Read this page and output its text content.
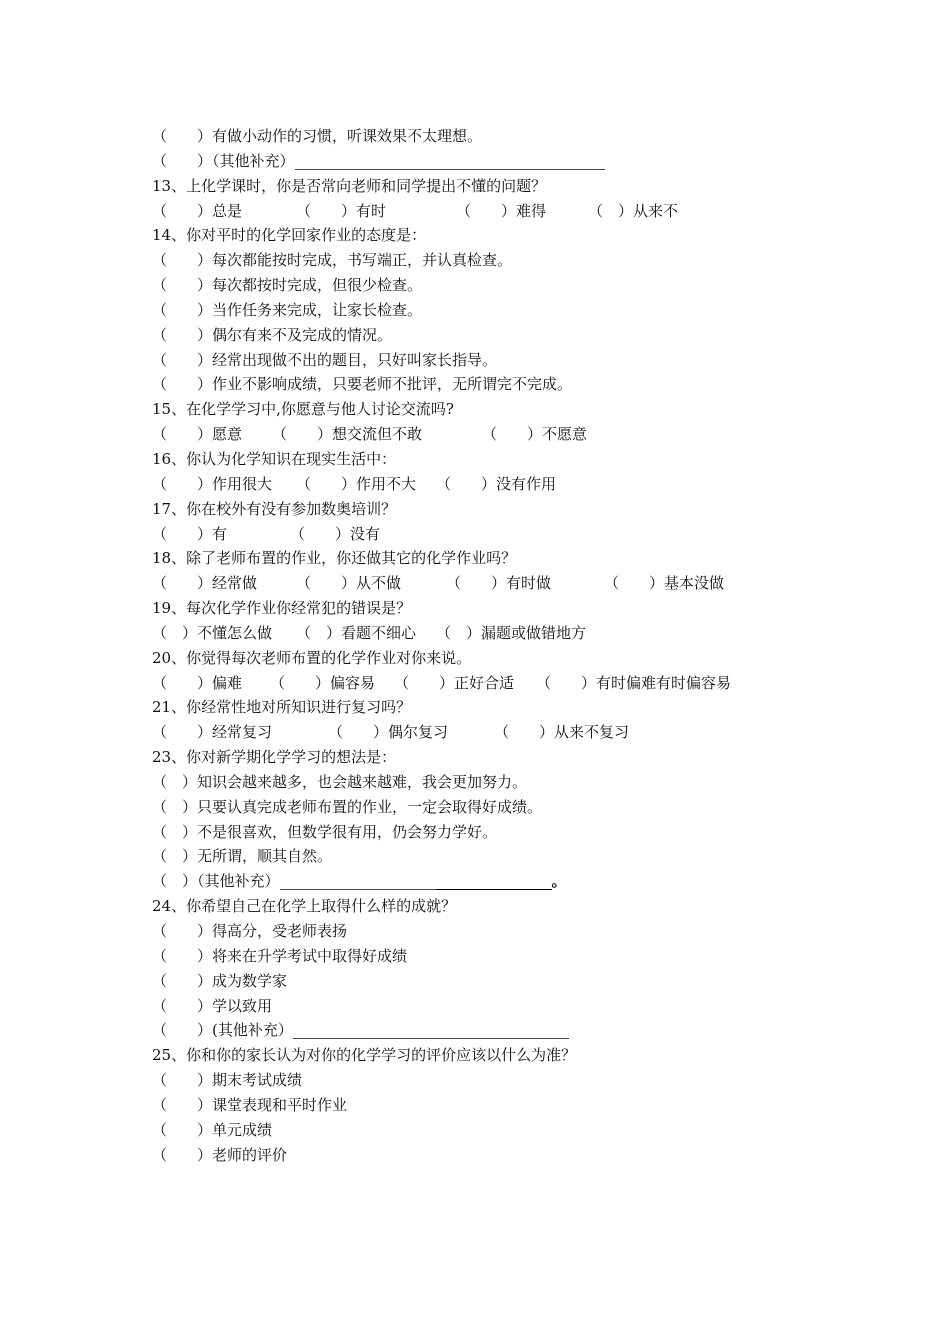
（　　）有做小动作的习惯，听课效果不太理想。
（　　）（其他补充）
13、上化学课时，你是否常向老师和同学提出不懂的问题？
（　　）总是	（　　）有时	（　　）难得	（　）从来不
14、你对平时的化学回家作业的态度是：
（　　）每次都能按时完成，书写端正，并认真检查。
（　　）每次都按时完成，但很少检查。
（　　）当作任务来完成，让家长检查。
（　　）偶尔有来不及完成的情况。
（　　）经常出现做不出的题目，只好叫家长指导。
（　　）作业不影响成绩，只要老师不批评，无所谓完不完成。
15、在化学学习中,你愿意与他人讨论交流吗?
（　　）愿意	（　　）想交流但不敢	（　　）不愿意
16、你认为化学知识在现实生活中：
（　　）作用很大	（　　）作用不大	（　　）没有作用
17、你在校外有没有参加数奥培训？
（　　）有	（　　）没有
18、除了老师布置的作业，你还做其它的化学作业吗？
（　　）经常做	（　　）从不做	（　　）有时做	（　　）基本没做
19、每次化学作业你经常犯的错误是？
（　）不懂怎么做	（　）看题不细心	（　）漏题或做错地方
20、你觉得每次老师布置的化学作业对你来说。
（　　）偏难	（　　）偏容易	（　　）正好合适	（　　）有时偏难有时偏容易
21、你经常性地对所知识进行复习吗？
（　　）经常复习	（　　）偶尔复习	（　　）从来不复习
23、你对新学期化学学习的想法是：
（　）知识会越来越多，也会越来越难，我会更加努力。
（　）只要认真完成老师布置的作业，一定会取得好成绩。
（　）不是很喜欢，但数学很有用，仍会努力学好。
（　）无所谓，顺其自然。
（　）（其他补充）	。
24、你希望自己在化学上取得什么样的成就？
（　　）得高分，受老师表扬
（　　）将来在升学考试中取得好成绩
（　　）成为数学家
（　　）学以致用
（　　）(其他补充）
25、你和你的家长认为对你的化学学习的评价应该以什么为准？
（　　）期末考试成绩
（　　）课堂表现和平时作业
（　　）单元成绩
（　　）老师的评价
